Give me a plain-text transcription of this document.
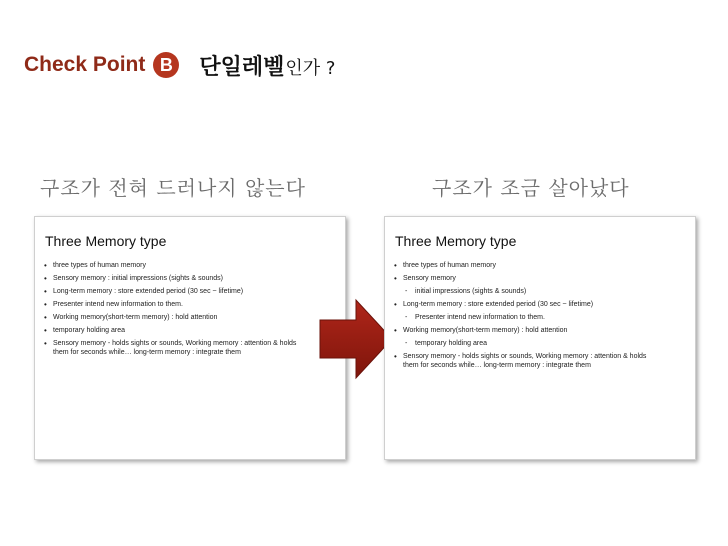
Check Point B 단일레벨 인가 ?
구조가 전혀 드러나지 않는다	구조가 조금 살아났다
Three Memory type
• three types of human memory
• Sensory memory : initial impressions (sights & sounds)
• Long-term memory : store extended period (30 sec ~ lifetime)
• Presenter intend new information to them.
• Working memory(short-term memory) : hold attention
• temporary holding area
• Sensory memory - holds sights or sounds, Working memory : attention & holds
them for seconds while… long-term memory : integrate them
Three Memory type
• three types of human memory
• Sensory memory
- initial impressions (sights & sounds)
• Long-term memory : store extended period (30 sec ~ lifetime)
- Presenter intend new information to them.
• Working memory(short-term memory) : hold attention
- temporary holding area
• Sensory memory - holds sights or sounds, Working memory : attention & holds
them for seconds while… long-term memory : integrate them
